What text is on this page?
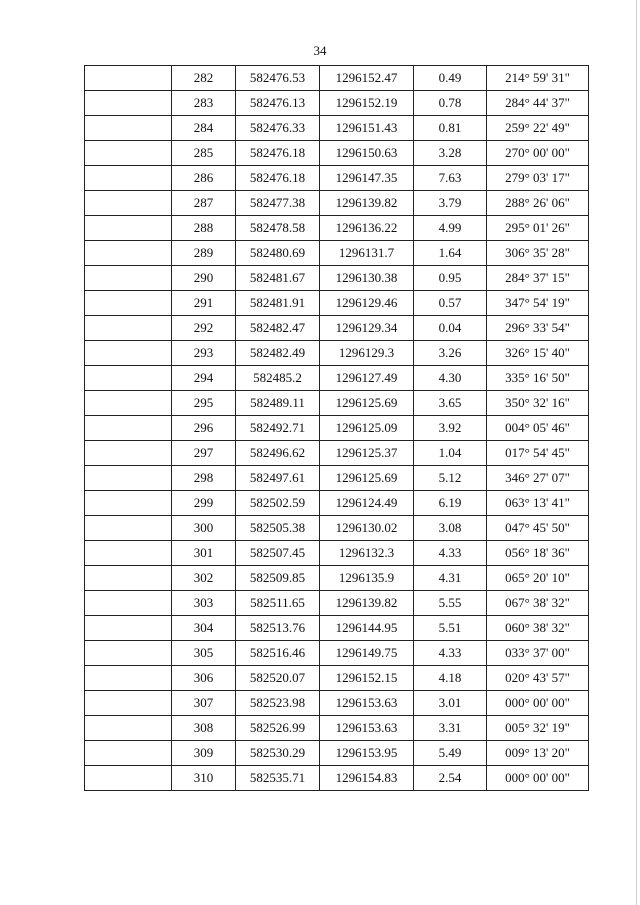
34
	282	582476.53	1296152.47	0.49	214° 59' 31"
	283	582476.13	1296152.19	0.78	284° 44' 37"
	284	582476.33	1296151.43	0.81	259° 22' 49"
	285	582476.18	1296150.63	3.28	270° 00' 00"
	286	582476.18	1296147.35	7.63	279° 03' 17"
	287	582477.38	1296139.82	3.79	288° 26' 06"
	288	582478.58	1296136.22	4.99	295° 01' 26"
	289	582480.69	1296131.7	1.64	306° 35' 28"
	290	582481.67	1296130.38	0.95	284° 37' 15"
	291	582481.91	1296129.46	0.57	347° 54' 19"
	292	582482.47	1296129.34	0.04	296° 33' 54"
	293	582482.49	1296129.3	3.26	326° 15' 40"
	294	582485.2	1296127.49	4.30	335° 16' 50"
	295	582489.11	1296125.69	3.65	350° 32' 16"
	296	582492.71	1296125.09	3.92	004° 05' 46"
	297	582496.62	1296125.37	1.04	017° 54' 45"
	298	582497.61	1296125.69	5.12	346° 27' 07"
	299	582502.59	1296124.49	6.19	063° 13' 41"
	300	582505.38	1296130.02	3.08	047° 45' 50"
	301	582507.45	1296132.3	4.33	056° 18' 36"
	302	582509.85	1296135.9	4.31	065° 20' 10"
	303	582511.65	1296139.82	5.55	067° 38' 32"
	304	582513.76	1296144.95	5.51	060° 38' 32"
	305	582516.46	1296149.75	4.33	033° 37' 00"
	306	582520.07	1296152.15	4.18	020° 43' 57"
	307	582523.98	1296153.63	3.01	000° 00' 00"
	308	582526.99	1296153.63	3.31	005° 32' 19"
	309	582530.29	1296153.95	5.49	009° 13' 20"
	310	582535.71	1296154.83	2.54	000° 00' 00"
